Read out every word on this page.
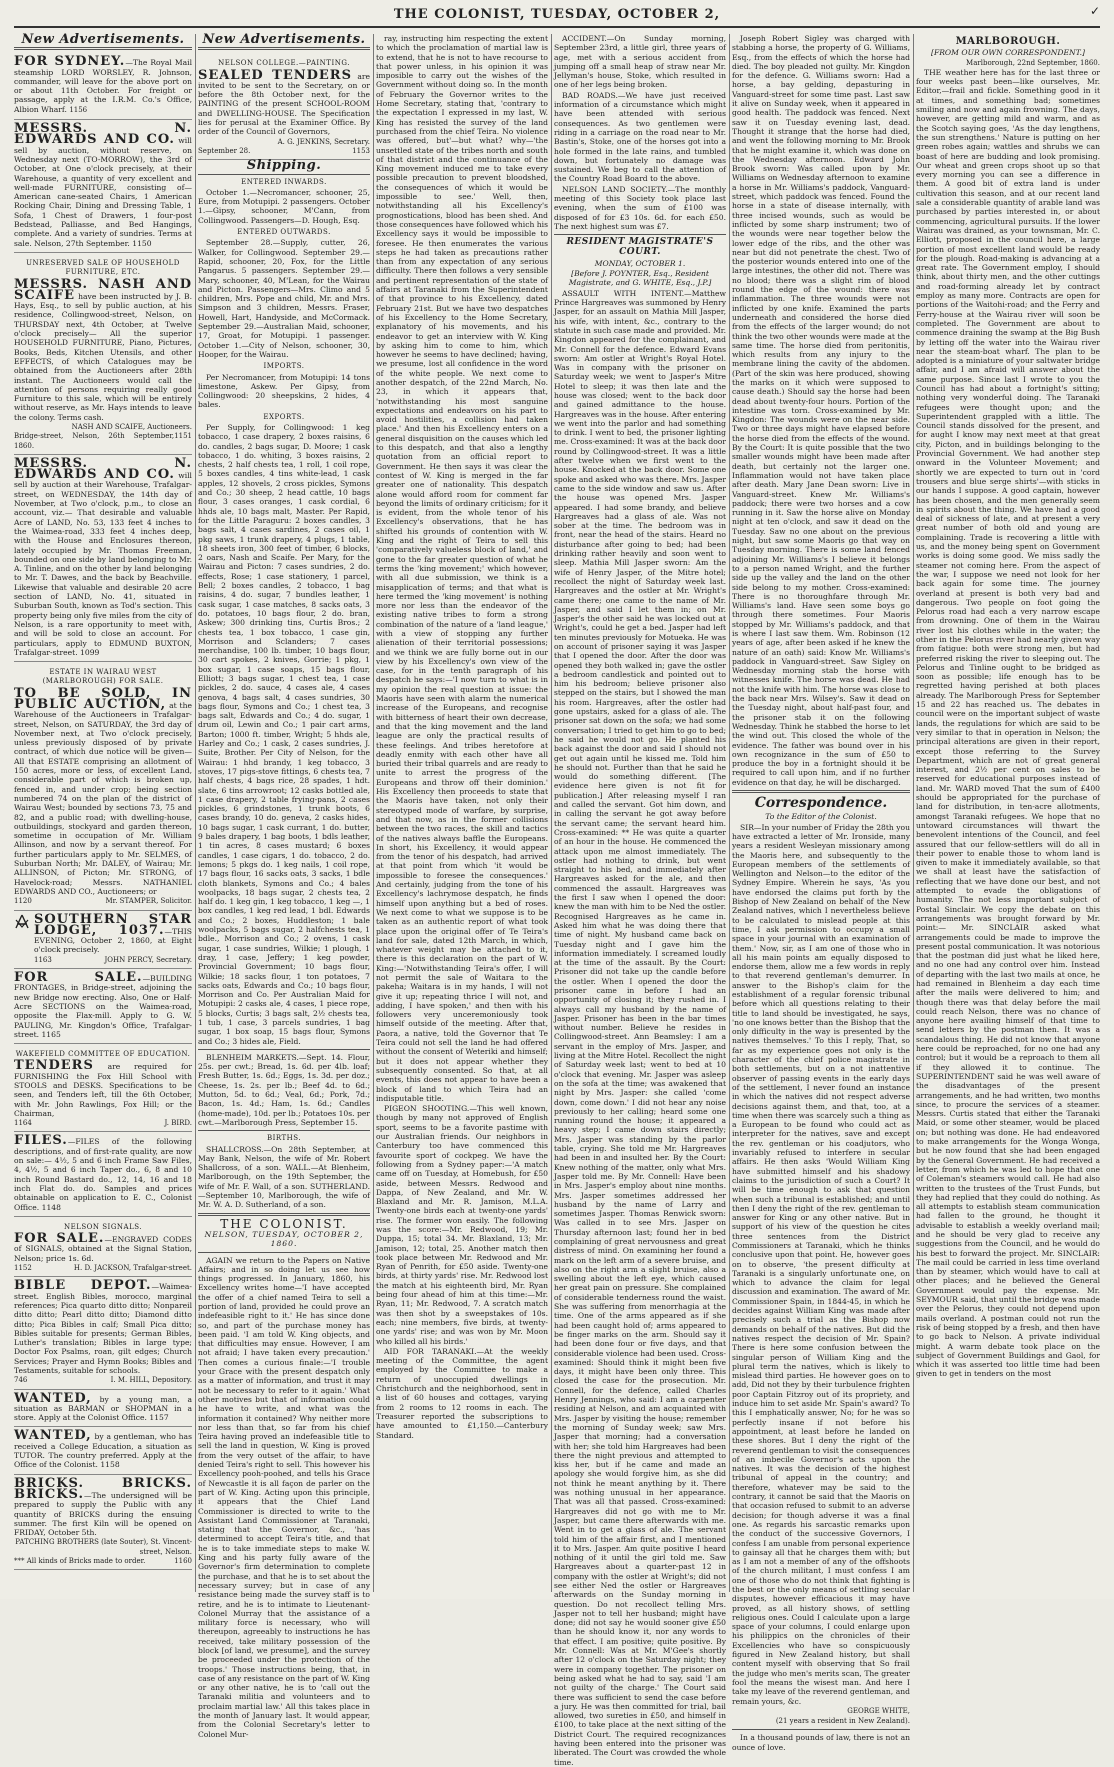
THE COLONIST, TUESDAY, OCTOBER 2,	✓
New Advertisements.

FOR SYDNEY.—The Royal Mail steamship LORD WORSLEY, R. Johnson, commander, will leave for the above port on or about 11th October. For freight or passage, apply at the I.R.M. Co.'s Office, Albion Wharf. 1156

MESSRS. N. EDWARDS AND CO. will sell by auction, without reserve, on Wednesday next (TO-MORROW), the 3rd of October, at One o'clock precisely, at their Warehouse, a quantity of very excellent and well-made FURNITURE, consisting of— American cane-seated Chairs, 1 American Rocking Chair, Dining and Dressing Table, 1 Sofa, 1 Chest of Drawers, 1 four-post Bedstead, Palliasse, and Bed Hangings, complete. And a variety of sundries. Terms at sale. Nelson, 27th September. 1150

UNRESERVED SALE OF HOUSEHOLD FURNITURE, ETC.

MESSRS. NASH AND SCAIFE have been instructed by J. B. Hays, Esq., to sell by public auction, at his residence, Collingwood-street, Nelson, on THURSDAY next, 4th October, at Twelve o'clock precisely— All the superior HOUSEHOLD FURNITURE, Piano, Pictures, Books, Beds, Kitchen Utensils, and other EFFECTS, of which Catalogues may be obtained from the Auctioneers after 28th instant. The Auctioneers would call the attention of persons requiring really good Furniture to this sale, which will be entirely without reserve, as Mr. Hays intends to leave the colony. Terms cash.

NASH AND SCAIFE, Auctioneers.
Bridge-street, Nelson, 26th September, 1860.
1151

MESSRS. N. EDWARDS AND CO. will sell by auction at their Warehouse, Trafalgar-street, on WEDNESDAY, the 14th day of November, at Two o'clock, p.m., to close an account, viz.— That desirable and valuable Acre of LAND, No. 53, 133 feet 4 inches to the Waimea-road, 333 feet 4 inches deep, with the House and Enclosures thereon, lately occupied by Mr. Thomas Freeman, bounded on one side by land belonging to Mr. A. Tinline, and on the other by land belonging to Mr. T. Dawes, and the back by Beachville. Likewise that valuable and desirable 20 acre section of LAND, No. 41, situated in Suburban South, known as Tod's section. This property being only five miles from the city of Nelson, is a rare opportunity to meet with, and will be sold to close an account. For particulars, apply to EDMUND BUXTON, Trafalgar-street. 1099

ESTATE IN WAIRAU WEST (MARLBOROUGH) FOR SALE.

TO BE SOLD, IN PUBLIC AUCTION, at the Warehouse of the Auctioneers in Trafalgar-street, Nelson, on SATURDAY, the 3rd day of November next, at Two o'clock precisely, unless previously disposed of by private contract, of which due notice will be given— All that ESTATE comprising an allotment of 150 acres, more or less, of excellent Land, considerable part of which is broken up, fenced in, and under crop; being section numbered 74 on the plan of the district of Wairau West; bounded by sections 73, 75 and 82, and a public road; with dwelling-house, outbuildings, stockyard and garden thereon, sometime in occupation of Mr. William Allinson, and now by a servant thereof. For further particulars apply to Mr. SELMES, of Suburban North; Mr. DALEY, of Wairau; Mr. ALLINSON, of Picton; Mr. STRONG, of Havelock-road; Messrs. NATHANIEL EDWARDS AND CO., Auctioneers; or

1120	Mr. STAMPER, Solicitor.

SOUTHERN STAR LODGE, 1037.—THIS EVENING, October 2, 1860, at Eight o'clock precisely.

1163	JOHN PERCY, Secretary.

FOR SALE.—BUILDING FRONTAGES, in Bridge-street, adjoining the new Bridge now erecting. Also, One or Half-Acre SECTIONS on the Waimea-road, opposite the Flax-mill. Apply to G. W. PAULING, Mr. Kingdon's Office, Trafalgar-street. 1165

WAKEFIELD COMMITTEE OF EDUCATION.

TENDERS are required for FURNISHING the Fox Hill School with STOOLS and DESKS. Specifications to be seen, and Tenders left, till the 6th October, with Mr. John Rawlings, Fox Hill; or the Chairman,

1164	J. BIRD.

FILES.—FILES of the following descriptions, and of first-rate quality, are now on sale:— 4½, 5 and 6 inch Frame Saw Files, 4, 4½, 5 and 6 inch Taper do., 6, 8 and 10 inch Round Bastard do., 12, 14, 16 and 18 inch Flat do. do. Samples and prices obtainable on application to E. C., Colonist Office. 1148

NELSON SIGNALS.

FOR SALE.—ENGRAVED CODES of SIGNALS, obtained at the Signal Station, Nelson; price 1s. 6d.

1152	H. D. JACKSON, Trafalgar-street.

BIBLE DEPOT.—Waimea-street. English Bibles, morocco, marginal references; Pica quarto ditto ditto; Nonpareil ditto ditto; Pearl ditto ditto; Diamond ditto ditto; Pica Bibles in calf; Small Pica ditto; Bibles suitable for presents; German Bibles, Luther's translation; Bibles in large type; Doctor Fox Psalms, roan, gilt edges; Church Services; Prayer and Hymn Books; Bibles and Testaments, suitable for schools.

746	I. M. HILL, Depository.

WANTED, by a young man, a situation as BARMAN or SHOPMAN in a store. Apply at the Colonist Office. 1157

WANTED, by a gentleman, who has received a College Education, a situation as TUTOR. The country preferred. Apply at the Office of the Colonist. 1158

BRICKS. BRICKS. BRICKS.—The undersigned will be prepared to supply the Public with any quantity of BRICKS during the ensuing summer. The first Kiln will be opened on FRIDAY, October 5th.

PATCHING BROTHERS (late Souter), St. Vincent-street, Nelson.
*** All kinds of Bricks made to order.	1160
New Advertisements.
NELSON COLLEGE.—PAINTING.

SEALED TENDERS are invited to be sent to the Secretary, on or before the 8th October next, for the PAINTING of the present SCHOOL-ROOM and DWELLING-HOUSE. The Specification lies for perusal at the Examiner Office. By order of the Council of Governors,

A. G. JENKINS, Secretary.
September 28.	1153
Shipping.
ENTERED INWARDS.

October 1.—Necromancer, schooner, 25, Eure, from Motupipi. 2 passengers. October 1.—Gipsy, schooner, M'Cann, from Collingwood. Passengers—D. Hough, Esq.

ENTERED OUTWARDS.

September 28.—Supply, cutter, 26, Walker, for Collingwood. September 29.—Rapid, schooner, 20, Fox, for the Little Pangarus. 5 passengers. September 29.—Mary, schooner, 40, M'Lean, for the Wairau and Picton. Passengers—Mrs. Climo and 5 children, Mrs. Pope and child, Mr. and Mrs. Simpson and 3 children, Messrs. Fraser, Howell, Hart, Handyside, and McCormack. September 29.—Australian Maid, schooner, 17, Groat, for Motupipi. 1 passenger. October 1.—City of Nelson, schooner, 30, Hooper, for the Wairau.

IMPORTS.

Per Necromancer, from Motupipi: 14 tons limestone, Askew. Per Gipsy, from Collingwood: 20 sheepskins, 2 hides, 4 bales.

EXPORTS.

Per Supply, for Collingwood: 1 keg tobacco, 1 case drapery, 2 boxes raisins, 6 do. candles, 2 bags sugar, D. Moore; 1 cask tobacco, 1 do. whiting, 3 boxes raisins, 2 chests, 2 half chests tea, 1 roll, 1 coil rope, 5 boxes candles, 4 tins white-lead, 1 cask apples, 12 shovels, 2 cross pickles, Symons and Co.; 30 sheep, 2 head cattle, 10 bags flour, 3 cases oranges, 1 cask cordial, 6 hhds ale, 10 bags malt, Master. Per Rapid, for the Little Paraguru: 2 boxes candles, 3 bags salt, 4 cases sardines, 2 cases oil, 1 pkg saws, 1 trunk drapery, 4 plugs, 1 table, 18 sheets iron, 300 feet of timber, 6 blocks, 2 oars, Nash and Scaife. Per Mary, for the Wairau and Picton: 7 cases sundries, 2 do. effects, Rose; 1 case stationery, 1 parcel, Bell; 2 boxes candles, 2 tobacco, 1 bag raisins, 4 do. sugar, 7 bundles leather, 1 cask sugar, 1 case matches, 8 sacks oats, 3 do. potatoes, 10 bags flour, 2 do. bran, Askew; 300 drinking tins, Curtis Bros.; 2 chests tea, 1 box tobacco, 1 case gin, Morrison and Sclanders; 7 cases merchandise, 100 lb. timber, 10 bags flour, 30 cart spokes, 2 knives, Gorrie; 1 pkg, 1 box sugar, 1 case soaps, 15 bags flour, Elliott; 3 bags sugar, 1 chest tea, 1 case pickles, 2 do. sauce, 4 cases ale, 4 cases genova, 4 bags salt, 4 cases sundries, 30 bags flour, Symons and Co.; 1 chest tea, 3 bags salt, Edwards and Co.; 4 do. sugar, 1 drum oil, Lewin and Co.; 1 pair cart arms, Barton; 1000 ft. timber, Wright; 5 hhds ale, Harley and Co.; 1 cask, 2 cases sundries, J. Suite, Brother. Per City of Nelson, for the Wairau: 1 hhd brandy, 1 keg tobacco, 3 stoves, 17 pigs-stove fittings, 6 chests tea, 7 half chests, 4 bags rice, 28 spades, 1 hdt. slate, 6 tins arrowroot; 12 casks bottled ale, 1 case drapery, 2 table frying-pans, 2 cases pickles, 6 grindstones, 1 trunk boots, 6 cases brandy, 10 do. geneva, 2 casks hides, 10 bags sugar, 1 cask currant, 1 do. butter, 9 bales drapery, 1 bag boots, 1 bdls leather, 1 tin acres, 8 cases mustard; 6 boxes candles, 1 case cigars, 1 do. tobacco, 2 do. lemons; 5 pkgs do. 1 keg nails, 1 coil rope, 17 bags flour, 16 sacks oats, 3 sacks, 1 bdle cloth blankets, Symons and Co.; 4 bales woolpacks, 18 bags sugar, 2 chests tea, 2 half do. 1 keg gin, 1 keg tobacco, 1 keg —, 1 box candles, 1 keg red lead, 1 bdl. Edwards and Co.; 2 boxes, Huddleston; 1 bale woolpacks, 5 bags sugar, 2 halfchests tea, 1 bdle., Morrison and Co.; 2 ovens, 1 cask sugar, 1 case sundries, Wilkie; 1 plough, 1 dray, 1 case, Jeffery; 1 keg powder, Provincial Government; 10 bags flour, Wilkie; 18 sacks flour, 1 ton potatoes, 7 sacks oats, Edwards and Co.; 10 bags flour, Morrison and Co. Per Australian Maid for Motupipi: 2 casks ale, 4 cases, 1 piece rope, 5 blocks, Curtis; 3 bags salt, 2½ chests tea, 1 tub, 1 case, 3 parcels sundries, 1 bag sugar, 1 box soap, 15 bags flour, Symons and Co.; 3 hides ale, Field.

BLENHEIM MARKETS.—Sept. 14. Flour, 25s. per cwt.; Bread, 1s. 6d. per 4lb. loaf; Fresh Butter, 1s. 6d.; Eggs, 1s. 3d. per doz.; Cheese, 1s. 2s. per lb.; Beef 4d. to 6d.; Mutton, 5d. to 6d.; Veal, 6d.; Pork, 7d.; Bacon, 1s. 4d.; Ham, 1s. 6d.; Candles (home-made), 10d. per lb.; Potatoes 10s. per cwt.—Marlborough Press, September 15.

BIRTHS.

SHALLCROSS.—On 28th September, at May Bank, Nelson, the wife of Mr. Robert Shallcross, of a son. WALL.—At Blenheim, Marlborough, on the 19th September, the wife of Mr. F. Wall, of a son. SUTHERLAND.—September 10, Marlborough, the wife of Mr. W. A. D. Sutherland, of a son.

THE COLONIST.
NELSON, TUESDAY, OCTOBER 2, 1860.

AGAIN we return to the Papers on Native Affairs; and in so doing let us see how things progressed. In January, 1860, his Excellency writes home—'I have accepted the offer of a chief named Teira to sell a portion of land, provided he could prove an indefeasible right to it.' He has since done so, and part of the purchase money has been paid. 'I am told W. King objects, and that difficulties may ensue. However, I am not afraid; I have taken every precaution.' Then comes a curious finale:—'I trouble your Grace with the present despatch only as a matter of information, and trust it may not be necessary to refer to it again.' What other motives but that of information could he have to write, and what was the information it contained? Why neither more nor less than that, so far from his chief Teira having proved an indefeasible title to sell the land in question, W. King is proved from the very outset of the affair, to have denied Teira's right to sell. This however his Excellency pooh-poohed, and tells his Grace of Newcastle it is all façon de parler on the part of W. King. Acting upon this principle, it appears that the Chief Land Commissioner is directed to write to the Assistant Land Commissioner at Taranaki, stating that the Governor, &c., 'has determined to accept Teira's title, and that he is to take immediate steps to make W. King and his party fully aware of the Governor's firm determination to complete the purchase, and that he is to set about the necessary survey; but in case of any resistance being made the survey staff is to retire, and he is to intimate to Lieutenant-Colonel Murray that the assistance of a military force is necessary, who will thereupon, agreeably to instructions he has received, take military possession of the block [of land, we presume], and the survey be proceeded under the protection of the troops.' Those instructions being, that, in case of any resistance on the part of W. King or any other native, he is to 'call out the Taranaki militia and volunteers and to proclaim martial law.' All this takes place in the month of January last. It would appear, from the Colonial Secretary's letter to Colonel Mur-

ray, instructing him respecting the extent to which the proclamation of martial law is to extend, that he is not to have recourse to that power unless, in his opinion it was imposible to carry out the wishes of the Government without doing so. In the month of February the Governor writes to the Home Secretary, stating that, 'contrary to the expectation I expressed in my last, W. King has resisted the survey of the land purchased from the chief Teira. No violence was offered, but'—but what? why—'the unsettled state of the tribes north and south of that district and the continuance of the King movement induced me to take every possible precaution to prevent bloodshed, the consequences of which it would be impossible to see.' Well, then, notwithstanding all his Excellency's prognostications, blood has been shed. And those consequences have followed which his Excellency says it would be impossible to foresee. He then enumerates the various steps he had taken as precautions rather than from any expectation of any serious difficulty. There then follows a very sensible and pertinent representation of the state of affairs at Taranaki from the Superintendent of that province to his Excellency, dated February 21st. But we have two despatches of his Excellency to the Home Secretary, explanatory of his movements, and his endeavor to get an interview with W. King by asking him to come to him, which however he seems to have declined; having, we presume, lost all confidence in the word of the white people. We next come to another despatch, of the 22nd March, No. 23, in which it appears that, 'notwithstanding his most sanguine expectations and endeavors on his part to avoid hostilities, a collision had taken place.' And then his Excellency enters on a general disquisition on the causes which led to this despatch, and that also a lengthy quotation from an official report to Government. He then says it was clear the contest of W. King is merged in the far greater one of nationality. This despatch alone would afford room for comment far beyond the limits of ordinary criticism; for it is evident, from the whole tenor of his Excellency's observations, that he has shifted his grounds of contention with W. King and the right of Teira to sell this 'comparatively valueless block of land,' and gone to the far greater question of what he terms the 'king movement;' which however, with all due submission, we think is a misapplication of terms; and that what is here termed the 'king movement' is nothing more nor less than the endeavor of the existing native tribes to form a strong combination of the nature of a 'land league,' with a view of stopping any further alienation of their territorial possessions; and we think we are fully borne out in our view by his Excellency's own view of the case, for in the tenth paragraph of his despatch he says:—'I now turn to what is in my opinion the real question at issue: the Maoris have seen with alarm the numerical increase of the Europeans, and recognise with bitterness of heart their own decrease, and that the king movement and the land league are only the practical results of these feelings. And tribes heretofore at deadly enmity with each other have all buried their tribal quarrels and are ready to unite to arrest the progress of the Europeans and throw off their dominion.' His Excellency then proceeds to state that the Maoris have taken, not only their stereotyped mode of warfare, by surprise, and that now, as in the former collisions between the two races, the skill and tactics of the natives always baffle the Europeans. In short, his Excellency, it would appear from the tenor of his despatch, had arrived at that point from which 'it would be impossible to foresee the consequences.' And certainly, judging from the tone of his Excellency's lachrymose despatch, he finds himself upon anything but a bed of roses. We next come to what we suppose is to be taken as an authentic report of what took place upon the original offer of Te Teira's land for sale, dated 12th March, in which, whatever weight may be attached to it, there is this declaration on the part of W. King:—'Notwithstanding Teira's offer, I will not permit the sale of Waitara to the pakeha; Waitara is in my hands, I will not give it up; repeating thrice I will not, and adding, I have spoken,' and then with his followers very unceremoniously took himself outside of the meeting. After that, Paora, a native, told the Governor that Te Teira could not sell the land he had offered without the consent of Weteriki and himself; but it does not appear whether they subsequently consented. So that, at all events, this does not appear to have been a block of land to which Teira had an indisputable title.

PIGEON SHOOTING.—This well known, though by many not approved of English sport, seems to be a favorite pastime with our Australian friends. Our neighbors in Canterbury too have commenced this favourite sport of cockpeg. We have the following from a Sydney paper:—'A match came off on Tuesday, at Homebush, for £50 aside, between Messrs. Redwood and Dappa, of New Zealand, and Mr. W. Blaxland and Mr. R. Jamison, M.L.A. Twenty-one birds each at twenty-one yards' rise. The former won easily. The following was the score:—Mr. Redwood, 19; Mr. Duppa, 15; total 34. Mr. Blaxland, 13; Mr. Jamison, 12; total, 25. Another match then took place between Mr. Redwood and Mr. Ryan of Penrith, for £50 aside. Twenty-one birds, at thirty yards' rise. Mr. Redwood lost the match at his eighteenth bird, Mr. Ryan being four ahead of him at this time:—Mr. Ryan, 11; Mr. Redwood, 7. A scratch match was then shot by a sweepstakes of 10s. each; nine members, five birds, at twenty-one yards' rise; and was won by Mr. Moon who killed all his birds.'

AID FOR TARANAKI.—At the weekly meeting of the Committee, the agent employed by the Committee to make a return of unoccupied dwellings in Christchurch and the neighborhood, sent in a list of 60 houses and cottages, varying from 2 rooms to 12 rooms in each. The Treasurer reported the subscriptions to have amounted to £1,150.—Canterbury Standard.

ACCIDENT.—On Sunday morning, September 23rd, a little girl, three years of age, met with a serious accident from jumping off a small heap of straw near Mr. Jellyman's house, Stoke, which resulted in one of her legs being broken.

BAD ROADS.—We have just received information of a circumstance which might have been attended with serious consequences. As two gentlemen were riding in a carriage on the road near to Mr. Bastin's, Stoke, one of the horses got into a hole formed in the late rains, and tumbled down, but fortunately no damage was sustained. We beg to call the attention of the Country Road Board to the above.

NELSON LAND SOCIETY.—The monthly meeting of this Society took place last evening, when the sum of £100 was disposed of for £3 10s. 6d. for each £50. The next highest sum was £7.

RESIDENT MAGISTRATE'S COURT.
MONDAY, OCTOBER 1.
[Before J. POYNTER, Esq., Resident Magistrate, and G. WHITE, Esq., J.P.]

ASSAULT WITH INTENT.—Matthew Prince Hargreaves was summoned by Henry Jasper, for an assault on Mathia Mill Jasper, his wife, with intent, &c., contrary to the statute in such case made and provided. Mr. Kingdon appeared for the complainant, and Mr. Connell for the defence. Edward Evans sworn: Am ostler at Wright's Royal Hotel. Was in company with the prisoner on Saturday week; we went to Jasper's Mitre Hotel to sleep; it was then late and the house was closed; went to the back door and gained admittance to the house. Hargreaves was in the house. After entering we went into the parlor and had something to drink. I went to bed, the prisoner lighting me. Cross-examined: It was at the back door round by Collingwood-street. It was a little after twelve when we first went to the house. Knocked at the back door. Some one spoke and asked who was there. Mrs. Jasper came to the side window and saw us. After the house was opened Mrs. Jasper appeared. I had some brandy, and believe Hargreaves had a glass of ale. Was not sober at the time. The bedroom was in front, near the head of the stairs. Heard no disturbance after going to bed; had been drinking rather heavily and soon went to sleep. Mathia Mill Jasper sworn: Am the wife of Henry Jasper, of the Mitre hotel; recollect the night of Saturday week last. Hargreaves and the ostler at Mr. Wright's came there; one came to the name of Mr. Jasper, and said I let them in; on Mr. Jasper's the other said he was locked out at Wright's, could he get a bed. Jasper had left ten minutes previously for Motueka. He was on account of prisoner saying it was Jasper that I opened the door. After the door was opened they both walked in; gave the ostler a bedroom candlestick and pointed out to him his bedroom; believe prisoner also stepped on the stairs, but I showed the man his room. Hargreaves, after the ostler had gone upstairs, asked for a glass of ale. The prisoner sat down on the sofa; we had some conversation; I tried to get him to go to bed; he said he would not go. He planted his back against the door and said I should not get out again until he kissed me. Told him he should not. Further than that he said he would do something different. [The evidence here given is not fit for publication.] After releasing myself I ran and called the servant. Got him down, and in calling the servant he got away before the servant came; the servant heard him. Cross-examined: ** He was quite a quarter of an hour in the house. He commenced the attack upon me almost immediately. The ostler had nothing to drink, but went straight to his bed, and immediately after Hargreaves asked for the ale, and then commenced the assault. Hargreaves was the first I saw when I opened the door: knew the man with him to be Ned the ostler. Recognised Hargreaves as he came in. Asked him what he was doing there that time of night. My husband came back on Tuesday night and I gave him the information immediately. I screamed loudly at the time of the assault. By the Court: Prisoner did not take up the candle before the ostler. When I opened the door the prisoner came in before I had an opportunity of closing it; they rushed in. I always call my husband by the name of Jasper. Prisoner has been in the bar times without number. Believe he resides in Collingwood-street. Ann Beamsley: I am a servant in the employ of Mrs. Jasper, and living at the Mitre Hotel. Recollect the night of Saturday week last; went to bed at 10 o'clock that evening. Mr. Jasper was asleep on the sofa at the time; was awakened that night by Mrs. Jasper: she called 'come down, come down.' I did not hear any noise previously to her calling; heard some one running round the house; it appeared a heavy step; I came down stairs directly; Mrs. Jasper was standing by the parlor table, crying. She told me Mr. Hargreaves had been in and insulted her. By the Court: Knew nothing of the matter, only what Mrs. Jasper told me. By Mr. Connell: Have been in Mrs. Jasper's employ about nine months. Mrs. Jasper sometimes addressed her husband by the name of Larry and sometimes Jasper. Thomas Renwick sworn: Was called in to see Mrs. Jasper on Thursday afternoon last; found her in bed complaining of great nervousness and great distress of mind. On examining her found a mark on the left arm of a severe bruise, and also on the right arm a slight bruise, also a swelling about the left eye, which caused her great pain on pressure. She complained of considerable tenderness round the waist. She was suffering from menorrhagia at the time. One of the arms appeared as if she had been caught hold of; arms appeared to be finger marks on the arm. Should say it had been done four or five days, and that considerable violence had been used. Cross-examined: Should think it might been five days, it might have been only three. This closed the case for the prosecution. Mr. Connell, for the defence, called Charles Henry Jennings, who said: I am a carpenter residing at Nelson, and am acquainted with Mrs. Jasper by visiting the house; remember the morning of Sunday week; saw Mrs. Jasper that morning; had a conversation with her; she told him Hargreaves had been there the night previous and attempted to kiss her, but if he came and made an apology she would forgive him, as she did not think he meant anything by it. There was nothing unusual in her appearance. That was all that passed. Cross-examined: Hargreaves did not go with me to Mr. Jasper, but came there afterwards with me. Went in to get a glass of ale. The servant told him of the affair first, and I mentioned it to Mrs. Jasper. Am quite positive I heard nothing of it until the girl told me. Saw Hargreaves about a quarter-past 12 in company with the ostler at Wright's; did not see either Ned the ostler or Hargreaves afterwards on the Sunday morning in question. Do not recollect telling Mrs. Jasper not to tell her husband; might have done; did not say he would sooner give £50 than he should know it, nor any words to that effect. I am positive; quite positive. By Mr. Connell: Was at Mr. M'Gee's shortly after 12 o'clock on the Saturday night; they were in company together. The prisoner on being asked what he had to say, said 'I am not guilty of the charge.' The Court said there was sufficient to send the case before a jury. He was then committed for trial, bail allowed, two sureties in £50, and himself in £100, to take place at the next sitting of the District Court. The required recognizances having been entered into the prisoner was liberated. The Court was crowded the whole time.

Joseph Robert Sigley was charged with stabbing a horse, the property of G. Williams, Esq., from the effects of which the horse had died. The boy pleaded not guilty. Mr. Kingdon for the defence. G. Williams sworn: Had a horse, a bay gelding, depasturing in Vanguard-street for some time past. Last saw it alive on Sunday week, when it appeared in good health. The paddock was fenced. Next saw it on Tuesday evening last, dead. Thought it strange that the horse had died, and went the following morning to Mr. Brook that he might examine it, which was done on the Wednesday afternoon. Edward John Brook sworn: Was called upon by Mr. Williams on Wednesday afternoon to examine a horse in Mr. Williams's paddock, Vanguard-street, which paddock was fenced. Found the horse in a state of disease internally, with three incised wounds, such as would be inflicted by some sharp instrument; two of the wounds were near together below the lower edge of the ribs, and the other was near but did not penetrate the chest. Two of the posterior wounds entered into one of the large intestines, the other did not. There was no blood; there was a slight rim of blood round the edge of the wound: there was inflammation. The three wounds were not inflicted by one knife. Examined the parts underneath and considered the horse died from the effects of the larger wound; do not think the two other wounds were made at the same time. The horse died from peritonitis, which results from any injury to the membrane lining the cavity of the abdomen. (Part of the skin was here produced, showing the marks on it which were supposed to cause death.) Should say the horse had been dead about twenty-four hours. Portion of the intestine was torn. Cross-examined by Mr. Kingdon: The wounds were on the near side. Two or three days might have elapsed before the horse died from the effects of the wound. By the Court: It is quite possible that the two smaller wounds might have been made after death, but certainly not the larger one. Inflammation would not have taken place after death. Mary Jane Dean sworn: Live in Vanguard-street. Knew Mr. Williams's paddock; there were two horses and a cow running in it. Saw the horse alive on Monday night at ten o'clock, and saw it dead on the Tuesday. Saw no one about on the previous night, but saw some Maoris go that way on Tuesday morning. There is some land fenced adjoining Mr. Williams's I believe it belongs to a person named Wright, and the further side up the valley and the land on the other side belong to my mother. Cross-examined: There is no thoroughfare through Mr. Williams's land. Have seen some boys go through there sometimes. Four Maoris stopped by Mr. Williams's paddock, and that is where I last saw them. Wm. Robinson (12 years of age, after been asked if he knew the nature of an oath) said: Know Mr. Williams's paddock in Vanguard-street. Saw Sigley on Wednesday morning stab the horse with witnesses knife. The horse was dead. He had not the knife with him. The horse was close to the back near Mrs. Wilsey's. Saw it dead on the Tuesday night, about half-past four, and the prisoner stab it on the following Wednesday. Think he stabbed the horse to let the wind out. This closed the whole of the evidence. The father was bound over in his own recognizance in the sum of £50 to produce the boy in a fortnight should it be required to call upon him, and if no further evidence on that day, he will be discharged.

Correspondence.
To the Editor of the Colonist.

SIR—In your number of Friday the 28th you have extracted a letter of Mr. Ironside, many years a resident Wesleyan missionary among the Maoris here, and subsequently to the European members of the settlements of Wellington and Nelson—to the editor of the Sydney Empire. Wherein he says, 'As you have endorsed the claims put forth by the Bishop of New Zealand on behalf of the New Zealand natives, which I nevertheless believe to be calculated to mislead people at this time, I ask permission to occupy a small space in your journal with an examination of them.' Now, sir, as I am one of those who in all his main points am equally disposed to endorse them, allow me a few words in reply to that reverend gentleman's demurrer. In answer to the Bishop's claim for the establishment of a regular forensic tribunal before which all questions relating to their title to land should be investigated, he says, 'no one knows better than the Bishop that the only difficulty in the way is presented by the natives themselves.' To this I reply, That, so far as my experience goes not only is the character of the chief police magistrate in both settlements, but on a not inattentive observer of passing events in the early days of the settlement, I never found an instance in which the natives did not respect adverse decisions against them, and that, too, at a time when there was scarcely such a thing as a European to be found who could act as interpreter for the natives, save and except the rev. gentleman or his coadjutors, who invariably refused to interfere in secular affairs. He then asks 'Would William King have submitted himself and his shadowy claims to the jurisdiction of such a Court? It will be time enough to ask that question when such a tribunal is established; and until then I deny the right of the rev. gentleman to answer for King or any other native. But in support of his view of the question he cites three sentences from the District Commissioners at Taranaki, which he thinks conclusive upon that point. He, however goes on to observe, 'the present difficulty at Taranaki is a singularly unfortunate one, on which to advance the claim for legal discussion and examination. The award of Mr. Commissioner Spain, in 1844-45, in which he decides against William King was made after precisely such a trial as the Bishop now demands on behalf of the natives. But did the natives respect the decision of Mr. Spain? There is here some confusion between the singular person of William King and the plural term the natives, which is likely to mislead third parties. He however goes on to add, Did not they by their turbulence frighten poor Captain Fitzroy out of its propriety, and induce him to set aside Mr. Spain's award? To this I emphatically answer, No; for he was so perfectly insane if not before his appointment, at least before he landed on these shores. But I deny the right of the reverend gentleman to visit the consequences of an imbecile Governor's acts upon the natives. It was the decision of the highest tribunal of appeal in the country; and therefore, whatever may be said to the contrary, it cannot be said that the Maoris on that occasion refused to submit to an adverse decision; for though adverse it was a final one. As regards his sarcastic remarks upon the conduct of the successive Governors, I confess I am unable from personal experience to gainsay all that he charges them with; but as I am not a member of any of the offshoots of the church militant, I must confess I am one of those who do not think that fighting is the best or the only means of settling secular disputes, however efficacious it may have proved, as all history shows, of settling religious ones. Could I calculate upon a large space of your columns, I could enlarge upon his philippics on the chronicles of their Excellencies who have so conspicuously figured in New Zealand history, but shall content myself with observing that So frail the judge who men's merits scan, The greater fool the means the wisest man. And here I take my leave of the reverend gentleman, and remain yours, &c.

GEORGE WHITE,
(21 years a resident in New Zealand).

In a thousand pounds of law, there is not an ounce of love.

MARLBOROUGH.
[FROM OUR OWN CORRESPONDENT.]
Marlborough, 22nd September, 1860.

THE weather here has for the last three or four weeks past been—like ourselves, Mr. Editor,—frail and fickle. Something good in it at times, and something bad; sometimes smiling and now and again frowning. The days, however, are getting mild and warm, and as the Scotch saying goes, 'As the day lengthens, the sun strengthens.' Nature is putting on her green robes again; wattles and shrubs we can boast of here are budding and look promising. Our wheat and green crops shoot up so that every morning you can see a difference in them. A good bit of extra land is under cultivation this season, and at our recent land sale a considerable quantity of arable land was purchased by parties interested in, or about commencing, agricultural pursuits. If the lower Wairau was drained, as your townsman, Mr. C. Elliott, proposed in the council here, a large portion of most excellent land would be ready for the plough. Road-making is advancing at a great rate. The Government employ, I should think, about thirty men, and the other cuttings and road-forming already let by contract employ as many more. Contracts are open for portions of the Waitohi-road; and the Ferry and Ferry-house at the Wairau river will soon be completed. The Government are about to commence draining the swamp at the Big Bush by letting off the water into the Wairau river near the steam-boat wharf. The plan to be adopted is a miniature of your saltwater bridge affair, and I am afraid will answer about the same purpose. Since last I wrote to you the Council has had about a fortnight's sitting; nothing very wonderful doing. The Taranaki refugees were thought upon; and the Superintendent grappled with a little. The Council stands dissolved for the present, and for aught I know may next meet at that great city, Picton, and in buildings belonging to the Provincial Government. We had another step onward in the Volunteer Movement; and shortly we are expected to turn out in 'cord trousers and blue serge shirts'—with sticks in our hands I suppose. A good captain, however has been chosen, and the men generally seem in spirits about the thing. We have had a good deal of sickness of late, and at present a very great number of both old and young are complaining. Trade is recovering a little with us, and the money being spent on Government works is doing some good. We miss sadly the steamer not coming here. From the aspect of the war, I suppose we need not look for her back again for some time. The journey overland at present is both very bad and dangerous. Two people on foot going the Pelorus road had each a very narrow escape from drowning. One of them in the Wairau river lost his clothes while in the water; the other in the Pelorus river had nearly given way from fatigue: both were strong men, but had preferred risking the river to sleeping out. The Pelorus and Tinline ought to be bridged as soon as possible; life enough has to be regretted having perished at both places already. The Marlborough Press for September 15 and 22 has reached us. The debates in council were on the important subject of waste lands, the regulations for which are said to be very similar to that in operation in Nelson; the principal alterations are given in their report, except those referring to the Survey Department, which are not of great general interest, and 2½ per cent on sales to be reserved for educational purposes instead of land. Mr. WARD moved That the sum of £400 should be appropriated for the purchase of land for distribution, in ten-acre allotments, amongst Taranaki refugees. We hope that no untoward circumstances will thwart the benevolent intentions of the Council, and feel assured that our fellow-settlers will do all in their power to enable those to whom land is given to make it immediately available, so that we shall at least have the satisfaction of reflecting that we have done our best, and not attempted to evade the obligations of humanity. The not less important subject of Postal Sinclair. We copy the debate on this arrangements was brought forward by Mr. point:— Mr. SINCLAIR asked what arrangements could be made to improve the present postal communication. It was notorious that the postman did just what he liked here, and no one had any control over him. Instead of departing with the last two mails at once, he had remained in Blenheim a day each time after the mails were delivered to him; and though there was that delay before the mail could reach Nelson, there was no chance of anyone here availing himself of that time to send letters by the postman then. It was a scandalous thing. He did not know that anyone here could be reproached, for no one had any control; but it would be a reproach to them all if they allowed it to continue. The SUPERINTENDENT said he was well aware of the disadvantages of the present arrangements, and he had written, two months since, to procure the services of a steamer. Messrs. Curtis stated that either the Taranaki Maid, or some other steamer, would be placed on; but nothing was done. He had endeavored to make arrangements for the Wonga Wonga, but he now found that she had been engaged by the General Government. He had received a letter, from which he was led to hope that one of Coleman's steamers would call. He had also written to the trustees of the Trust Funds, but they had replied that they could do nothing. As all attempts to establish steam communication had fallen to the ground, he thought it advisable to establish a weekly overland mail; and he should be very glad to receive any suggestions from the Council, and he would do his best to forward the project. Mr. SINCLAIR: The mail could be carried in less time overland than by steamer, which would have to call at other places; and he believed the General Government would pay the expense. Mr. SEYMOUR said, that until the bridge was made over the Pelorus, they could not depend upon mails overland. A postman could not run the risk of being stopped by a fresh, and then have to go back to Nelson. A private individual might. A warm debate took place on the subject of Government Buildings and Gaol, for which it was asserted too little time had been given to get in tenders on the most
